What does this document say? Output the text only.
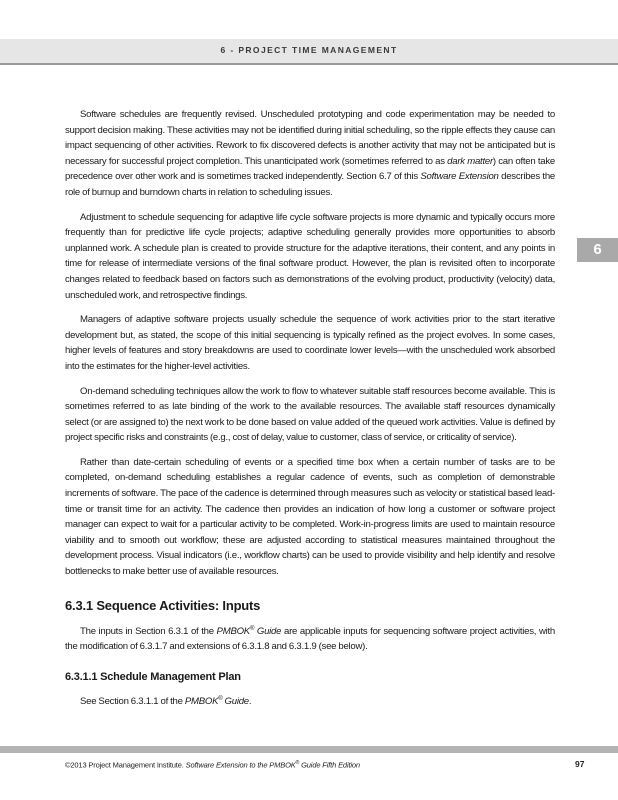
6 - PROJECT TIME MANAGEMENT
6

Software schedules are frequently revised. Unscheduled prototyping and code experimentation may be needed to support decision making. These activities may not be identified during initial scheduling, so the ripple effects they cause can impact sequencing of other activities. Rework to fix discovered defects is another activity that may not be anticipated but is necessary for successful project completion. This unanticipated work (sometimes referred to as dark matter) can often take precedence over other work and is sometimes tracked independently. Section 6.7 of this Software Extension describes the role of burnup and burndown charts in relation to scheduling issues.

Adjustment to schedule sequencing for adaptive life cycle software projects is more dynamic and typically occurs more frequently than for predictive life cycle projects; adaptive scheduling generally provides more opportunities to absorb unplanned work. A schedule plan is created to provide structure for the adaptive iterations, their content, and any points in time for release of intermediate versions of the final software product. However, the plan is revisited often to incorporate changes related to feedback based on factors such as demonstrations of the evolving product, productivity (velocity) data, unscheduled work, and retrospective findings.

Managers of adaptive software projects usually schedule the sequence of work activities prior to the start iterative development but, as stated, the scope of this initial sequencing is typically refined as the project evolves. In some cases, higher levels of features and story breakdowns are used to coordinate lower levels—with the unscheduled work absorbed into the estimates for the higher-level activities.

On-demand scheduling techniques allow the work to flow to whatever suitable staff resources become available. This is sometimes referred to as late binding of the work to the available resources. The available staff resources dynamically select (or are assigned to) the next work to be done based on value added of the queued work activities. Value is defined by project specific risks and constraints (e.g., cost of delay, value to customer, class of service, or criticality of service).

Rather than date-certain scheduling of events or a specified time box when a certain number of tasks are to be completed, on-demand scheduling establishes a regular cadence of events, such as completion of demonstrable increments of software. The pace of the cadence is determined through measures such as velocity or statistical based lead-time or transit time for an activity. The cadence then provides an indication of how long a customer or software project manager can expect to wait for a particular activity to be completed. Work-in-progress limits are used to maintain resource viability and to smooth out workflow; these are adjusted according to statistical measures maintained throughout the development process. Visual indicators (i.e., workflow charts) can be used to provide visibility and help identify and resolve bottlenecks to make better use of available resources.

6.3.1 Sequence Activities: Inputs

The inputs in Section 6.3.1 of the PMBOK® Guide are applicable inputs for sequencing software project activities, with the modification of 6.3.1.7 and extensions of 6.3.1.8 and 6.3.1.9 (see below).

6.3.1.1 Schedule Management Plan

See Section 6.3.1.1 of the PMBOK® Guide.

©2013 Project Management Institute. Software Extension to the PMBOK® Guide Fifth Edition	97
